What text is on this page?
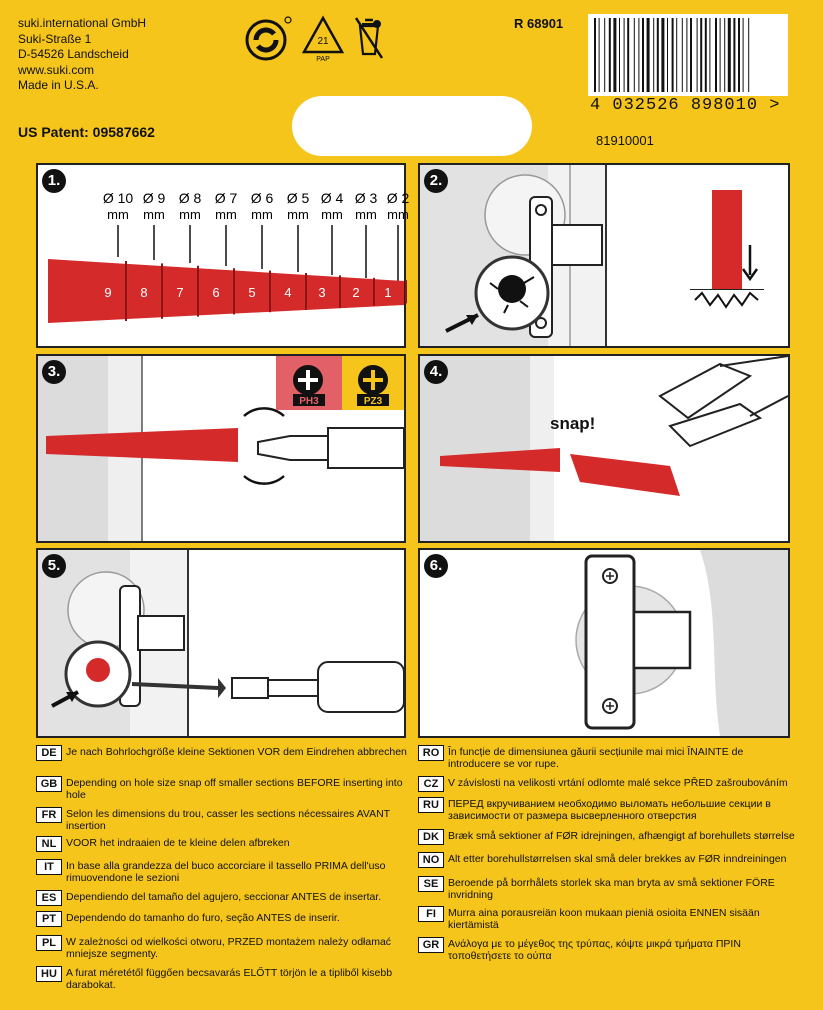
suki.international GmbH
Suki-Straße 1
D-54526 Landscheid
www.suki.com
Made in U.S.A.
21
PAP
R 68901
4 032526 898010 >
81910001
US Patent: 09587662
1.
Ø 10
mm
Ø 9
mm
Ø 8
mm
Ø 7
mm
Ø 6
mm
Ø 5
mm
Ø 4
mm
Ø 3
mm
Ø 2
mm
9 8 7 6 5 4 3 2 1
2.
3.
PH3	PZ3
4.
snap!
5.	6.
DE Je nach Bohrlochgröße kleine Sektionen VOR dem Eindrehen abbrechen
GB Depending on hole size snap off smaller sections BEFORE inserting into hole
FR Selon les dimensions du trou, casser les sections nécessaires AVANT insertion
NL VOOR het indraaien de te kleine delen afbreken
IT	In base alla grandezza del buco accorciare il tassello PRIMA dell'uso rimuovendone le sezioni
ES Dependiendo del tamaño del agujero, seccionar ANTES de insertar.
PT Dependendo do tamanho do furo, seção ANTES de inserir.
PL W zależności od wielkości otworu, PRZED montażem należy odłamać mniejsze segmenty.
HU A furat méretétől függően becsavarás ELŐTT törjön le a tipliből kisebb darabokat.
RO În funcție de dimensiunea găurii secțiunile mai mici ÎNAINTE de introducere se vor rupe.
CZ V závislosti na velikosti vrtání odlomte malé sekce PŘED zašroubováním
RU ПЕРЕД вкручиванием необходимо выломать небольшие секции в зависимости от размера высверленного отверстия
DK Bræk små sektioner af FØR idrejningen, afhængigt af borehullets størrelse
NO Alt etter borehullstørrelsen skal små deler brekkes av FØR inndreiningen
SE Beroende på borrhålets storlek ska man bryta av små sektioner FÖRE invridning
FI	Murra aina porausreiän koon mukaan pieniä osioita ENNEN sisään kiertämistä
GR Ανάλογα με το μέγεθος της τρύπας, κόψτε μικρά τμήματα ΠΡΙΝ τοποθετήσετε το ούπα
